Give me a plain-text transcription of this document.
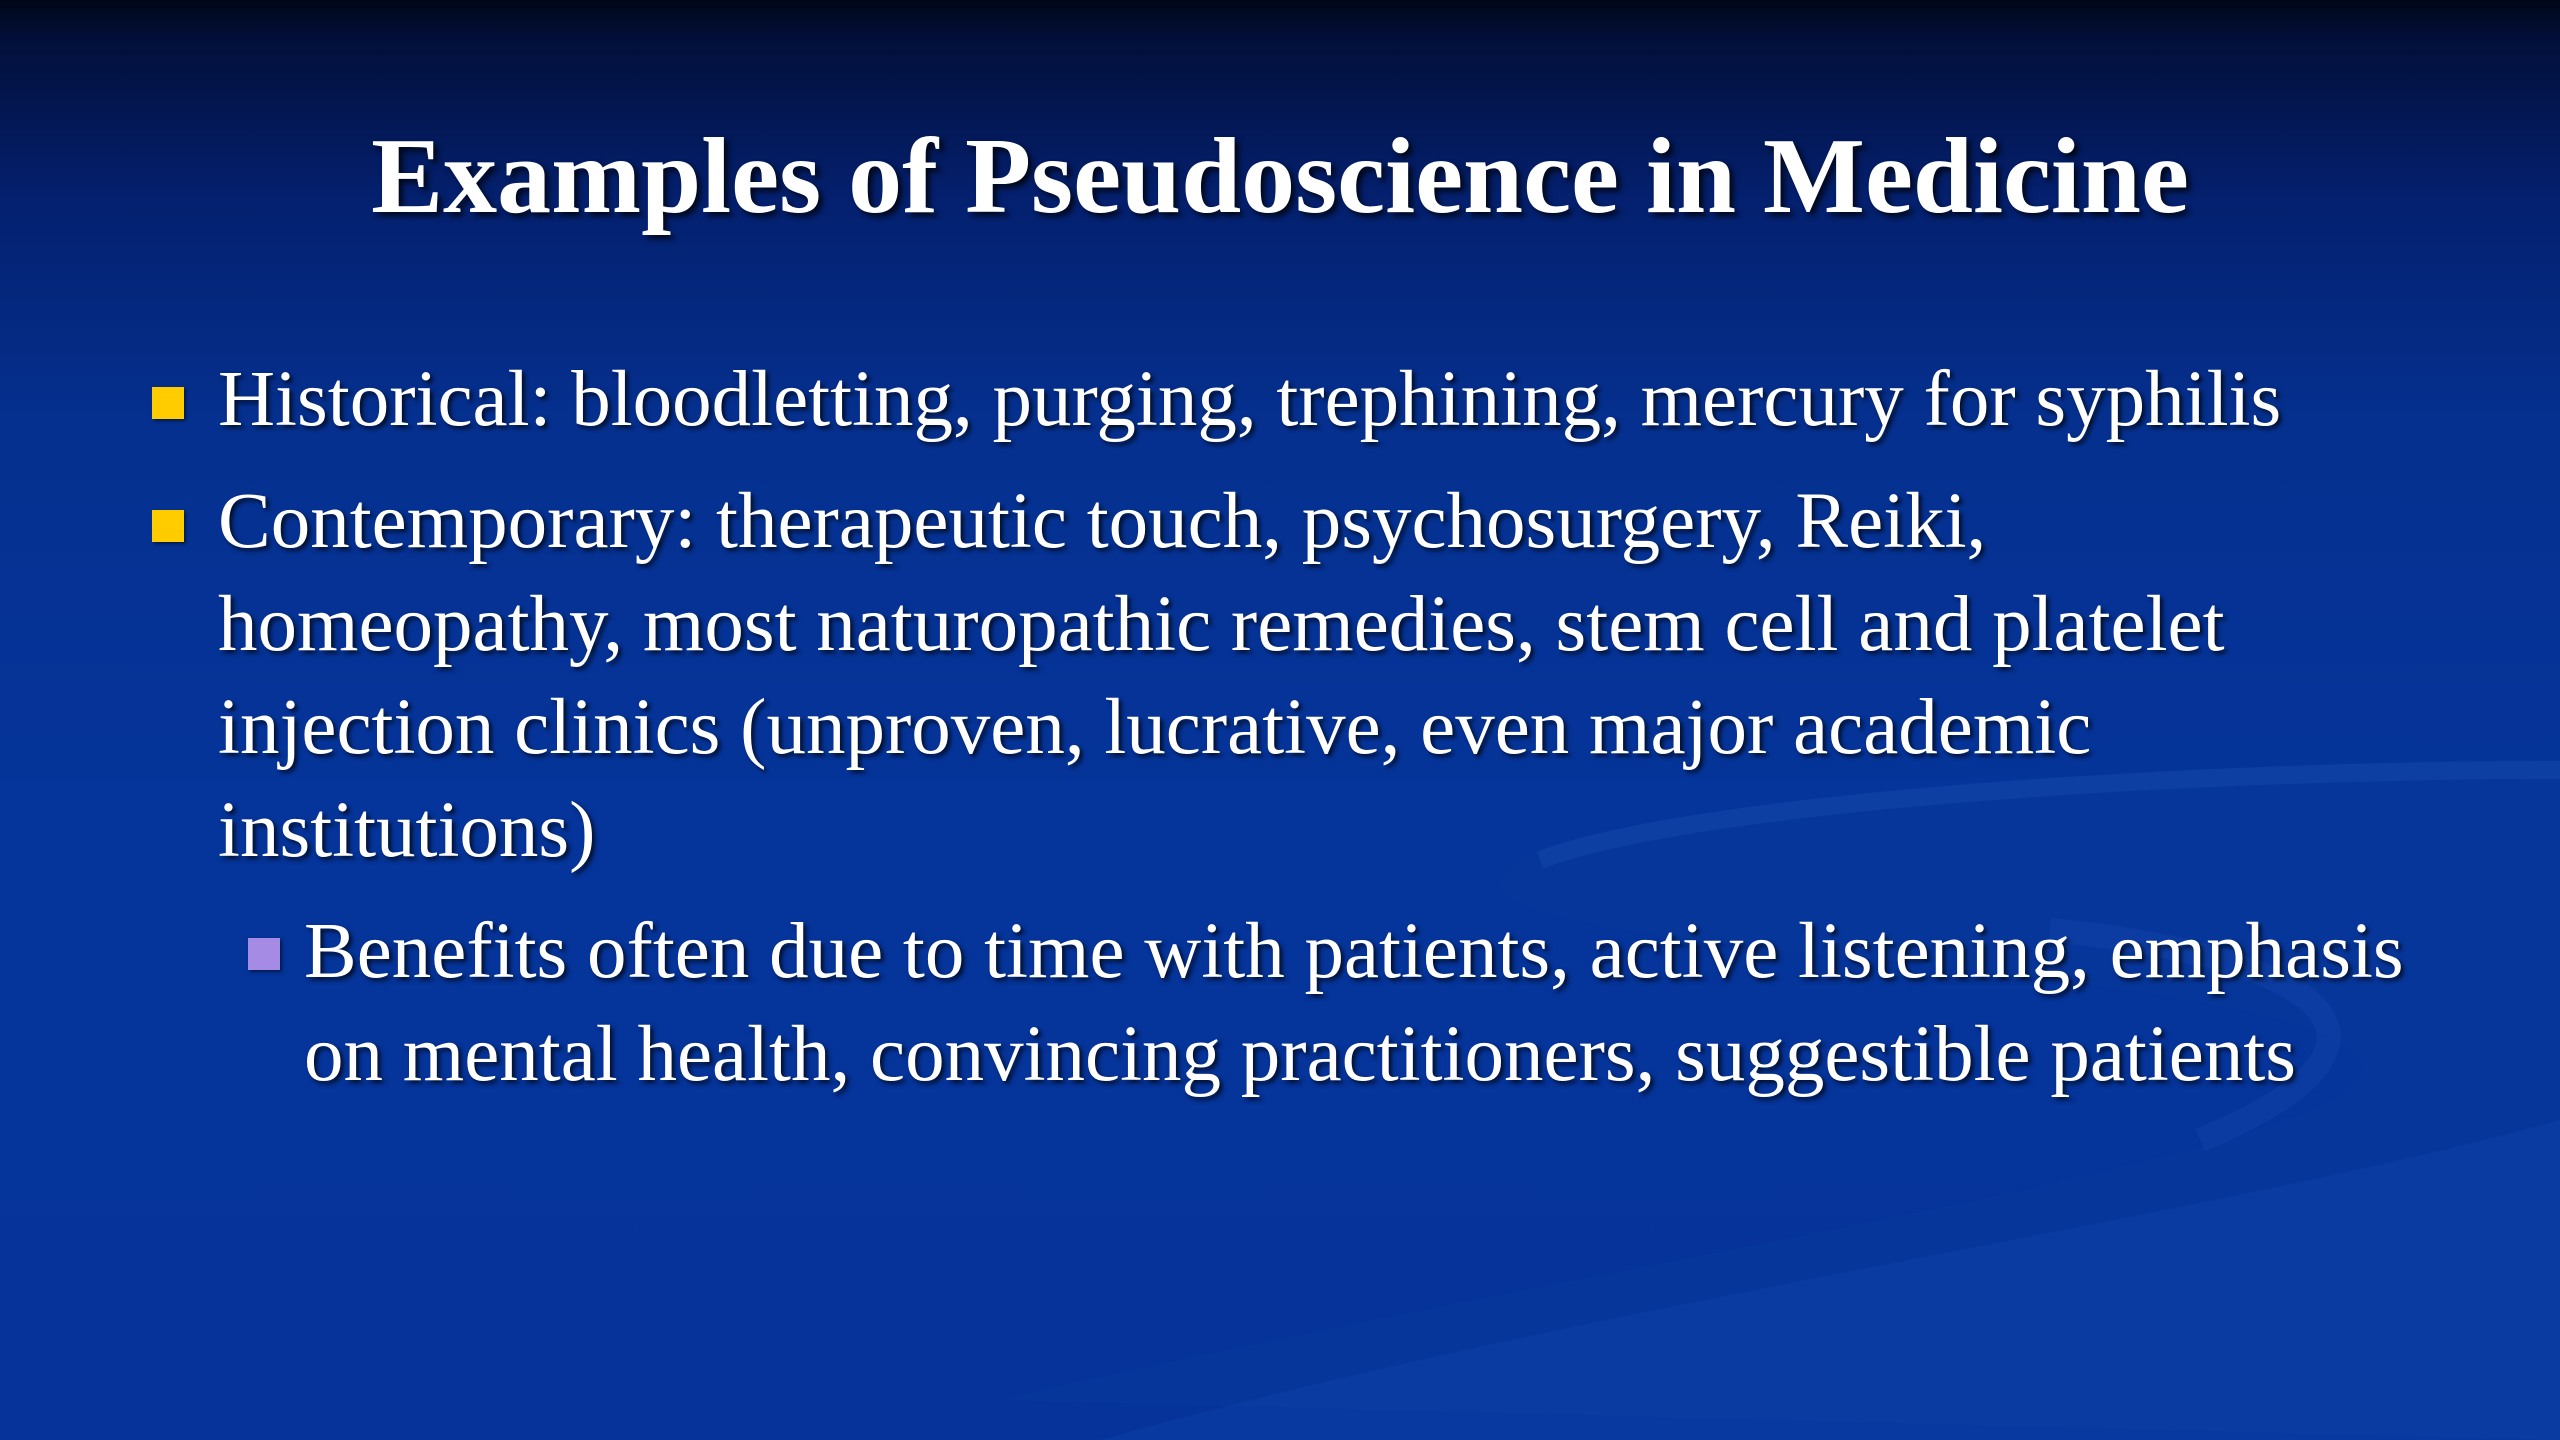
Examples of Pseudoscience in Medicine
Historical: bloodletting, purging, trephining, mercury for syphilis
Contemporary: therapeutic touch, psychosurgery, Reiki, homeopathy, most naturopathic remedies, stem cell and platelet injection clinics (unproven, lucrative, even major academic institutions)
Benefits often due to time with patients, active listening, emphasis on mental health, convincing practitioners, suggestible patients
